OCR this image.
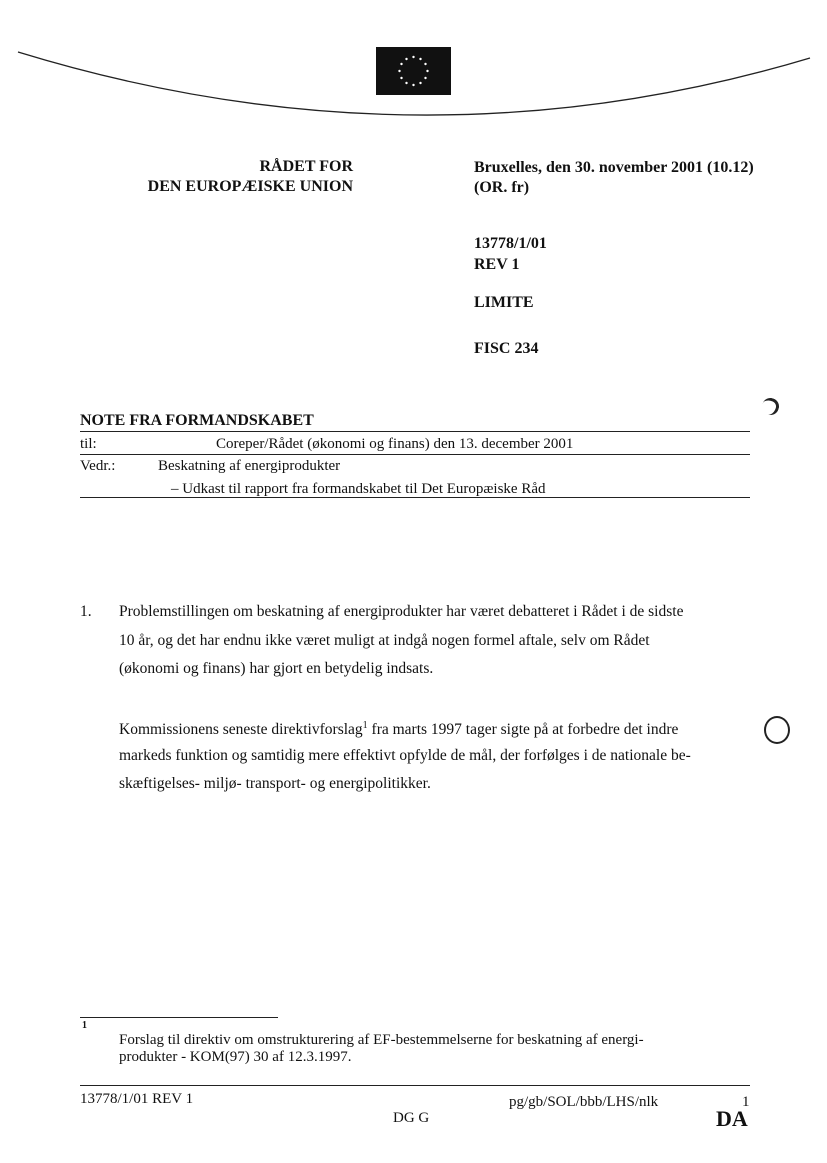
RÅDET FOR
DEN EUROPÆISKE UNION
Bruxelles, den 30. november 2001 (10.12)
(OR. fr)
13778/1/01
REV 1
LIMITE
FISC 234
NOTE FRA FORMANDSKABET
til:	Coreper/Rådet (økonomi og finans) den 13. december 2001
Vedr.:	Beskatning af energiprodukter
– Udkast til rapport fra formandskabet til Det Europæiske Råd
1. Problemstillingen om beskatning af energiprodukter har været debatteret i Rådet i de sidste
10 år, og det har endnu ikke været muligt at indgå nogen formel aftale, selv om Rådet
(økonomi og finans) har gjort en betydelig indsats.
Kommissionens seneste direktivforslag$^1$ fra marts 1997 tager sigte på at forbedre det indre
markeds funktion og samtidig mere effektivt opfylde de mål, der forfølges i de nationale be-
skæftigelses- miljø- transport- og energipolitikker.
1
Forslag til direktiv om omstrukturering af EF-bestemmelserne for beskatning af energi-
produkter - KOM(97) 30 af 12.3.1997.
13778/1/01 REV 1	pg/gb/SOL/bbb/LHS/nlk	1
DG G	DA
